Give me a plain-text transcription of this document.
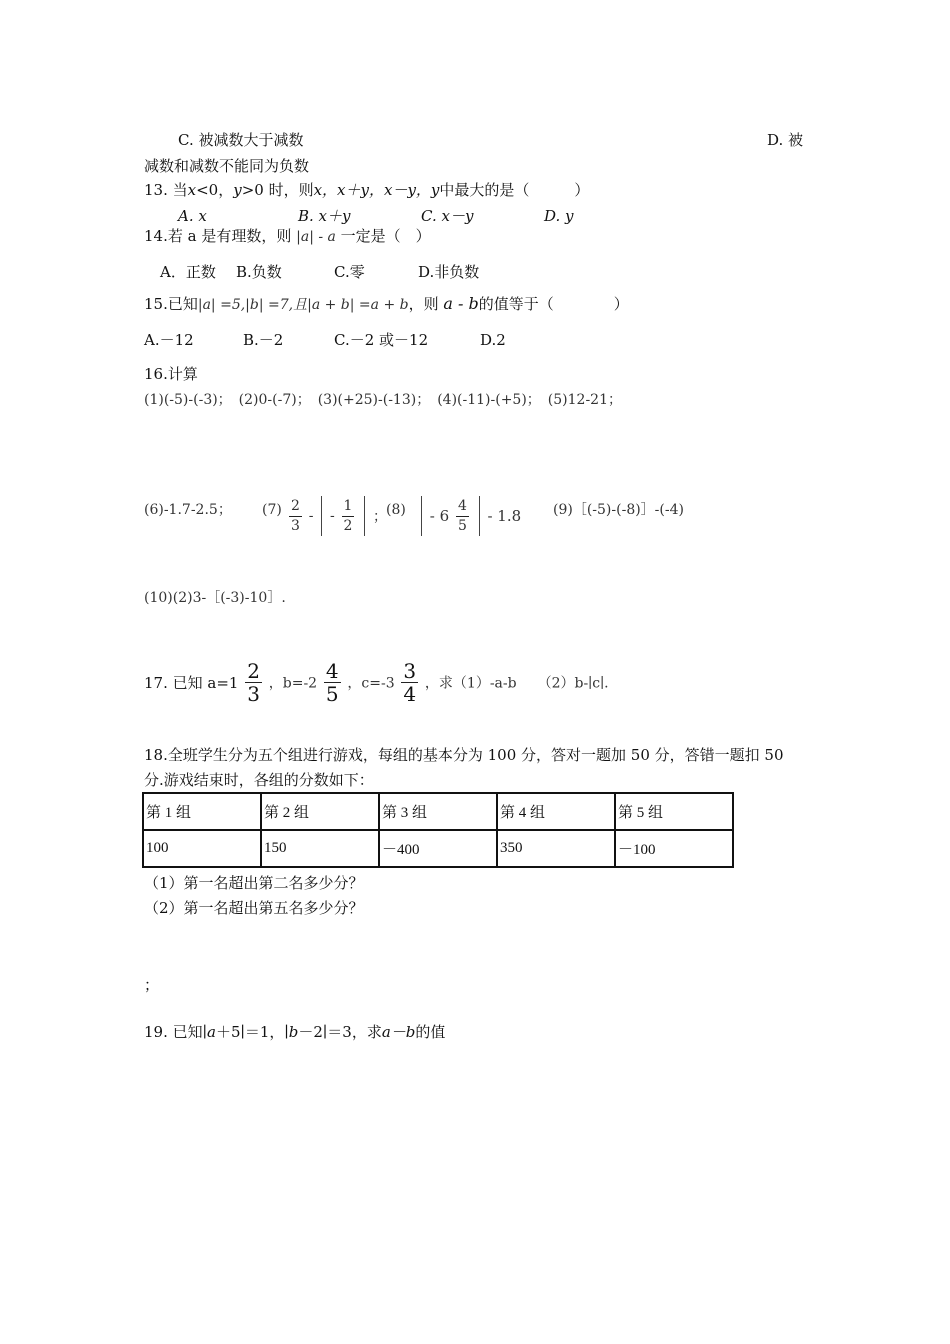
C. 被减数大于减数	D. 被
减数和减数不能同为负数
13. 当x<0，y>0 时，则x，x＋y，x－y，y中最大的是（　　　）
A. x	B. x＋y	C. x－y	D. y
14.若 a 是有理数，则 |a| - a 一定是（　）
A．正数 B.负数	C.零	D.非负数
15.已知|a| =5,|b| =7,且|a + b| =a + b，则 a - b的值等于（　　　　）
A.－12	B.－2	C.－2 或－12	D.2
16.计算
(1)(-5)-(-3)；　(2)0-(-7)；　(3)(+25)-(-13)；　(4)(-11)-(+5)；　(5)12-21；
(6)-1.7-2.5； $(7) \frac{2}{3}$ - - $\frac{1}{2}$ ； (8)	- $6 \frac{4}{5} - 1.8$ (9)［(-5)-(-8)］-(-4)
(10)(2)3-［(-3)-10］.
17. 已知 $a=1 \frac{2}{3}$ ，$b=-2 \frac{4}{5}$ ，$c=-3 \frac{3}{4}$ ，求（1）-a-b　　（2）b-∣c∣.
18.全班学生分为五个组进行游戏，每组的基本分为 100 分，答对一题加 50 分，答错一题扣 50
分.游戏结束时，各组的分数如下：
第 1 组	第 2 组	第 3 组	第 4 组	第 5 组
100	150	－400	350	－100
（1）第一名超出第二名多少分？
（2）第一名超出第五名多少分？
；
19. 已知∣a＋5∣＝1，∣b－2∣＝3，求a－b的值
